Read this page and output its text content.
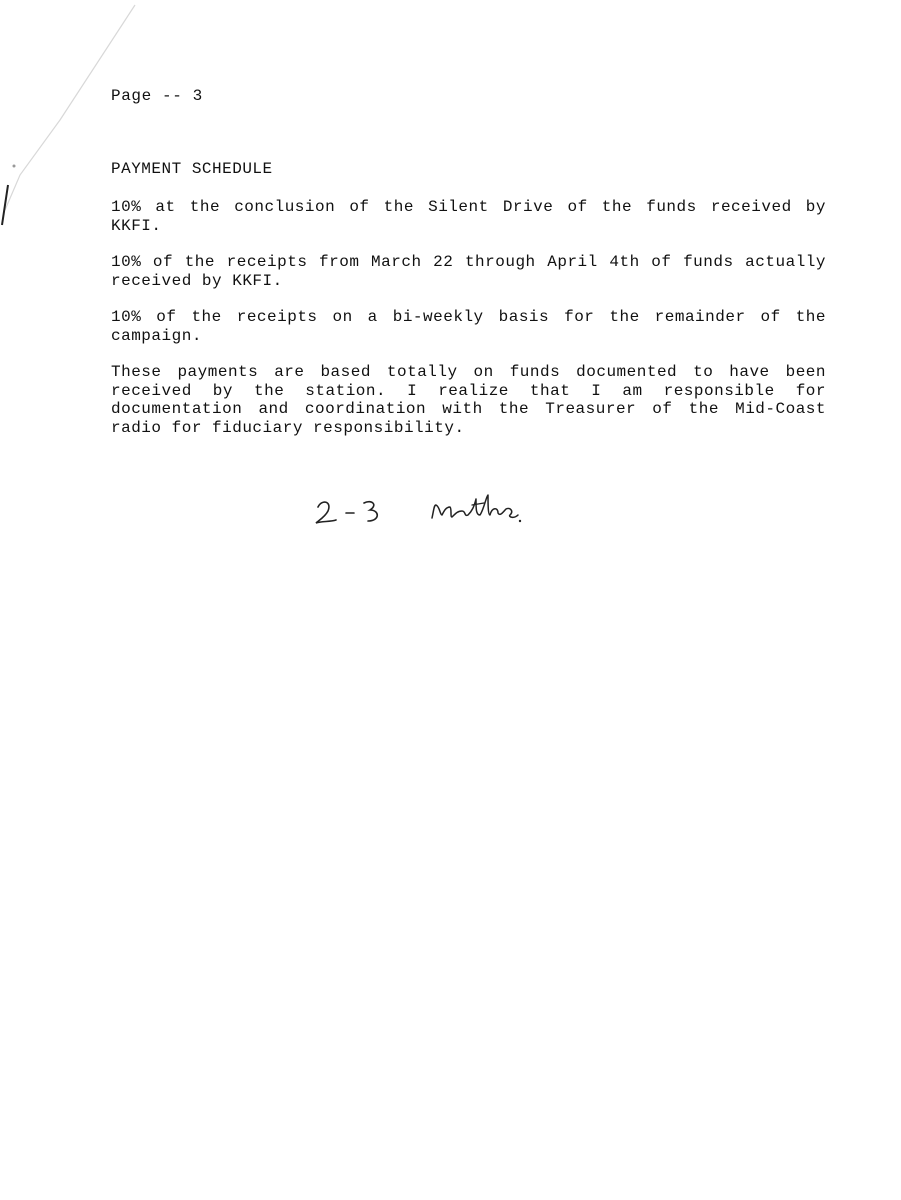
Page -- 3
PAYMENT SCHEDULE

10% at the conclusion of the Silent Drive of the funds received by KKFI.

10% of the receipts from March 22 through April 4th of funds actually received by KKFI.

10% of the receipts on a bi-weekly basis for the remainder of the campaign.

These payments are based totally on funds documented to have been received by the station. I realize that I am responsible for documentation and coordination with the Treasurer of the Mid-Coast radio for fiduciary responsibility.
